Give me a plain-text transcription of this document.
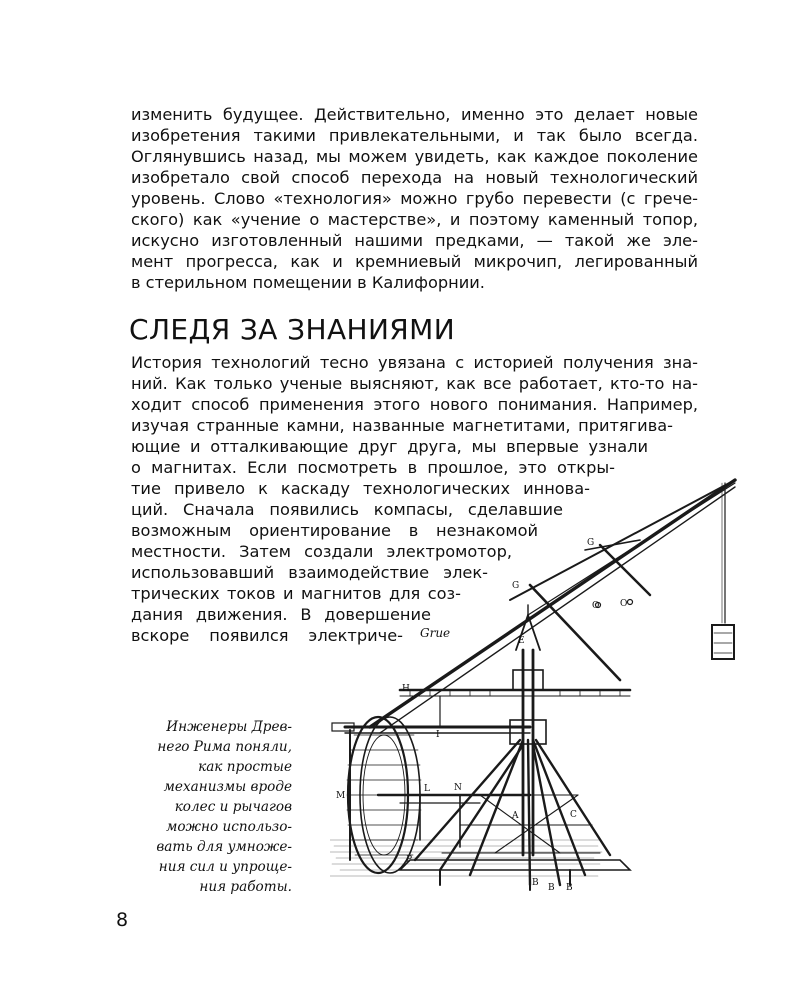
изменить будущее. Действительно, именно это делает новые
изобретения такими привлекательными, и так было всегда.
Оглянувшись назад, мы можем увидеть, как каждое поколение
изобретало свой способ перехода на новый технологический
уровень. Слово «технология» можно грубо перевести (с грече-
ского) как «учение о мастерстве», и поэтому каменный топор,
искусно изготовленный нашими предками, — такой же эле-
мент прогресса, как и кремниевый микрочип, легированный
в стерильном помещении в Калифорнии.
СЛЕДЯ ЗА ЗНАНИЯМИ
История технологий тесно увязана с историей получения зна-
ний. Как только ученые выясняют, как все работает, кто-то на-
ходит способ применения этого нового понимания. Например,
изучая странные камни, названные магнетитами, притягива-
ющие и отталкивающие друг друга, мы впервые узнали
о магнитах. Если посмотреть в прошлое, это откры-
тие привело к каскаду технологических иннова-
ций. Сначала появились компасы, сделавшие
возможным ориентирование в незнакомой
местности. Затем создали электромотор,
использовавший взаимодействие элек-
трических токов и магнитов для соз-
дания движения. В довершение
вскоре появился электриче-
Инженеры Древ-
него Рима поняли,
как простые
механизмы вроде
колес и рычагов
можно использо-
вать для умноже-
ния сил и упроще-
ния работы.
Grue
G
G
O O
H
I
L
M
N
C
E
A
B B B
P
8
